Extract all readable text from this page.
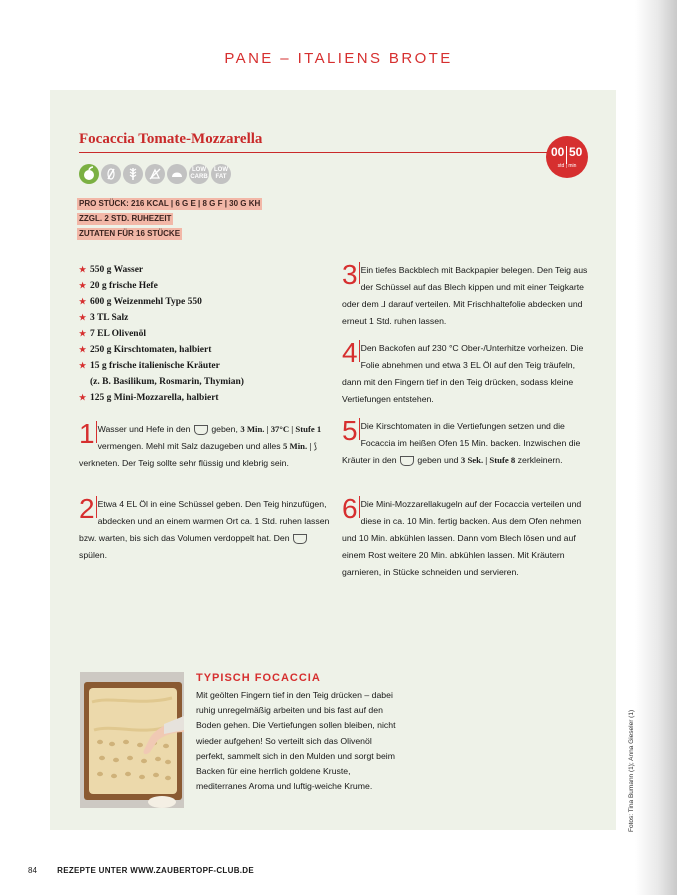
PANE – ITALIENS BROTE
Focaccia Tomate-Mozzarella
00 50
std | min
LOW CARB
LOW FAT
PRO STÜCK: 216 KCAL | 6 G E | 8 G F | 30 G KH
ZZGL. 2 STD. RUHEZEIT
ZUTATEN FÜR 16 STÜCKE
★ 550 g Wasser
★ 20 g frische Hefe
★ 600 g Weizenmehl Type 550
★ 3 TL Salz
★ 7 EL Olivenöl
★ 250 g Kirschtomaten, halbiert
★ 15 g frische italienische Kräuter
(z. B. Basilikum, Rosmarin, Thymian)
★ 125 g Mini-Mozzarella, halbiert
1 Wasser und Hefe in den geben, 3 Min. | 37°C | Stufe 1 vermengen. Mehl mit Salz dazugeben und alles 5 Min. | ⟆ verkneten. Der Teig sollte sehr flüssig und klebrig sein.
2 Etwa 4 EL Öl in eine Schüssel geben. Den Teig hinzufügen, abdecken und an einem warmen Ort ca. 1 Std. ruhen lassen bzw. warten, bis sich das Volumen verdoppelt hat. Den  spülen.
3 Ein tiefes Backblech mit Backpapier belegen. Den Teig aus der Schüssel auf das Blech kippen und mit einer Teigkarte oder dem ⅃ darauf verteilen. Mit Frischhaltefolie abdecken und erneut 1 Std. ruhen lassen.
4 Den Backofen auf 230 °C Ober-/Unterhitze vorheizen. Die Folie abnehmen und etwa 3 EL Öl auf den Teig träufeln, dann mit den Fingern tief in den Teig drücken, sodass kleine Vertiefungen entstehen.
5 Die Kirschtomaten in die Vertiefungen setzen und die Focaccia im heißen Ofen 15 Min. backen. Inzwischen die Kräuter in den geben und 3 Sek. | Stufe 8 zerkleinern.
6 Die Mini-Mozzarellakugeln auf der Focaccia verteilen und diese in ca. 10 Min. fertig backen. Aus dem Ofen nehmen und 10 Min. abkühlen lassen. Dann vom Blech lösen und auf einem Rost weitere 20 Min. abkühlen lassen. Mit Kräutern garnieren, in Stücke schneiden und servieren.
TYPISCH FOCACCIA
Mit geölten Fingern tief in den Teig drücken – dabei ruhig unregelmäßig arbeiten und bis fast auf den Boden gehen. Die Vertiefungen sollen bleiben, nicht wieder aufgehen! So verteilt sich das Olivenöl perfekt, sammelt sich in den Mulden und sorgt beim Backen für eine herrlich goldene Kruste, mediterranes Aroma und luftig-weiche Krume.
84	REZEPTE UNTER WWW.ZAUBERTOPF-CLUB.DE
Fotos: Tina Bumann (1); Anna Gieseler (1)
